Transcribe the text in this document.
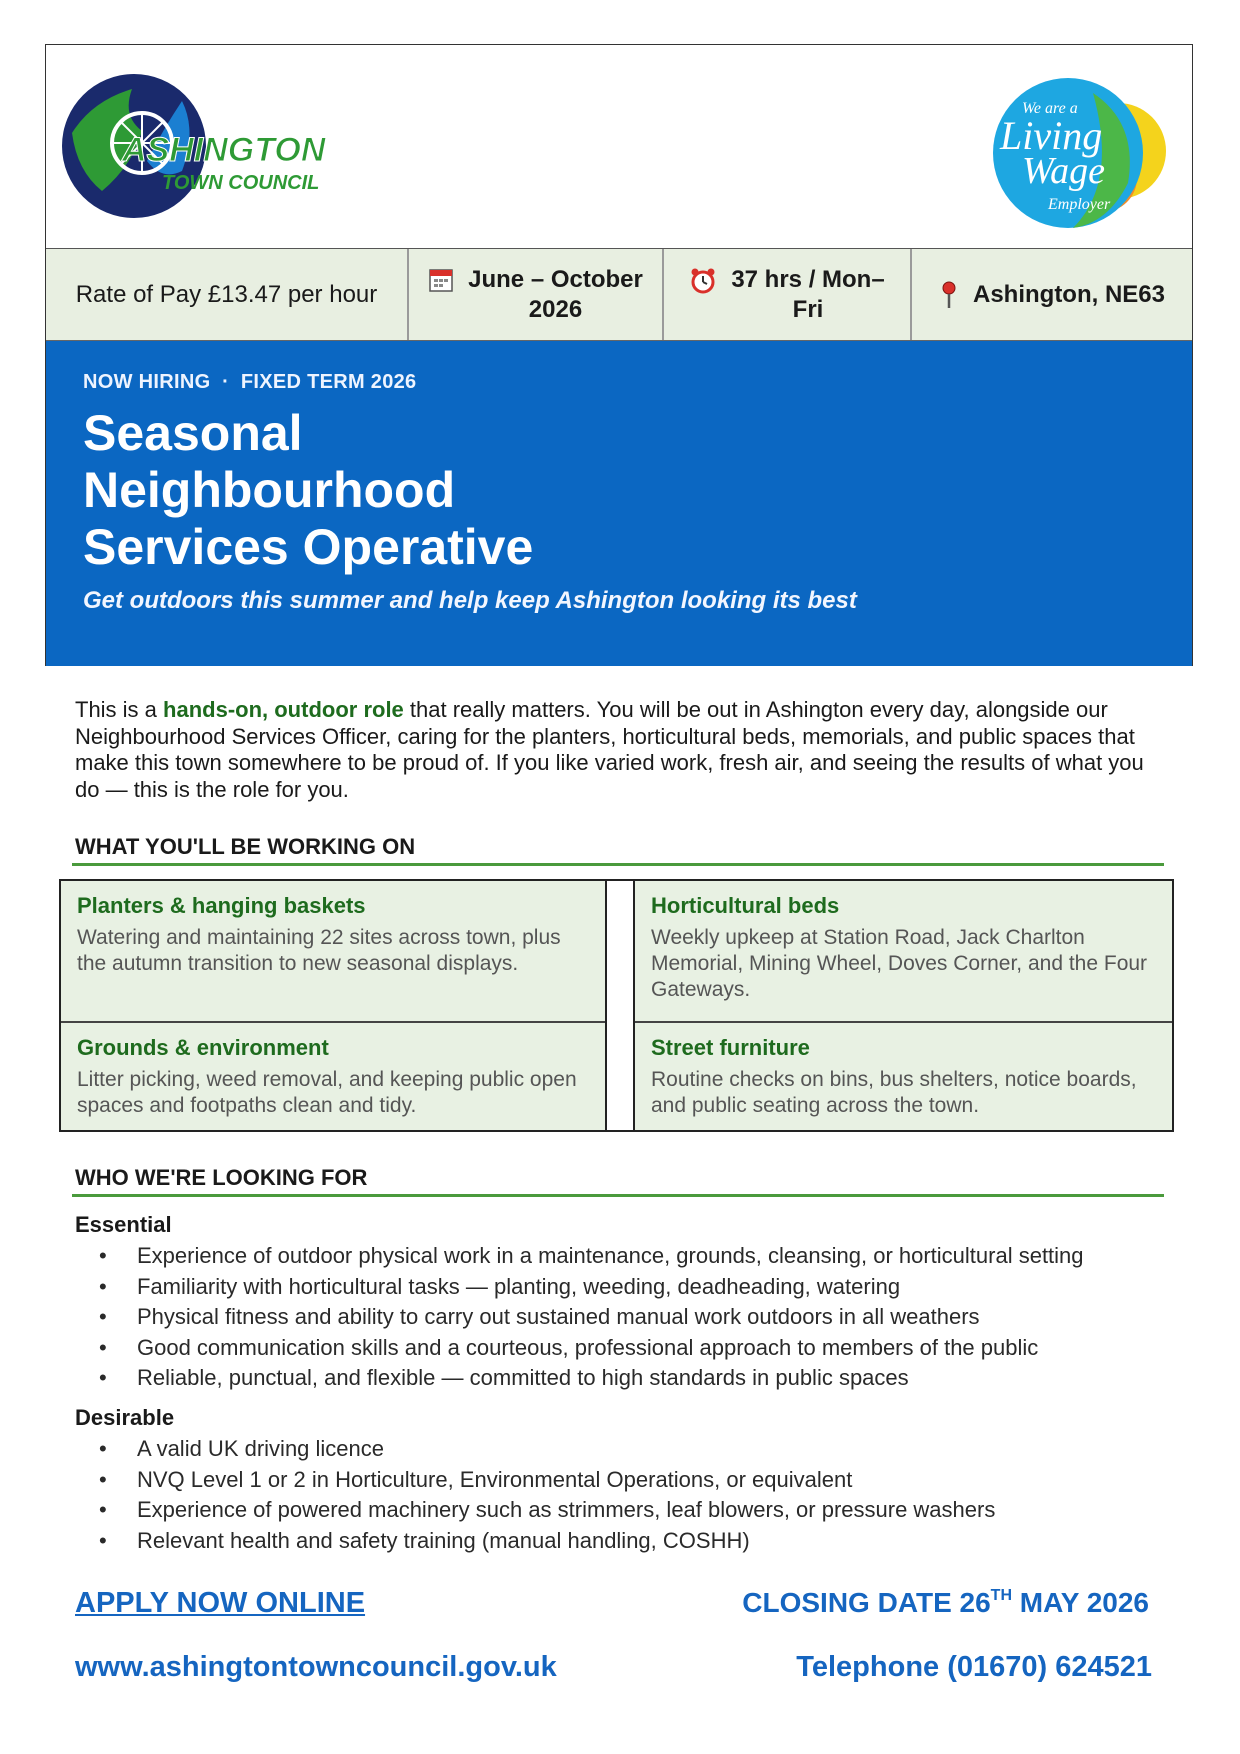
ASHINGTON
TOWN COUNCIL
We are a
Living
Wage
Employer
Rate of Pay £13.47 per hour
June – October
2026
37 hrs / Mon–
Fri
Ashington, NE63
NOW HIRING  ·  FIXED TERM 2026
Seasonal
Neighbourhood
Services Operative
Get outdoors this summer and help keep Ashington looking its best
This is a hands-on, outdoor role that really matters. You will be out in Ashington every day, alongside our Neighbourhood Services Officer, caring for the planters, horticultural beds, memorials, and public spaces that make this town somewhere to be proud of. If you like varied work, fresh air, and seeing the results of what you do — this is the role for you.
WHAT YOU'LL BE WORKING ON
Planters & hanging baskets

Watering and maintaining 22 sites across town, plus the autumn transition to new seasonal displays.

Horticultural beds

Weekly upkeep at Station Road, Jack Charlton Memorial, Mining Wheel, Doves Corner, and the Four Gateways.

Grounds & environment

Litter picking, weed removal, and keeping public open spaces and footpaths clean and tidy.

Street furniture

Routine checks on bins, bus shelters, notice boards, and public seating across the town.

WHO WE'RE LOOKING FOR
Essential
• Experience of outdoor physical work in a maintenance, grounds, cleansing, or horticultural setting
• Familiarity with horticultural tasks — planting, weeding, deadheading, watering
• Physical fitness and ability to carry out sustained manual work outdoors in all weathers
• Good communication skills and a courteous, professional approach to members of the public
• Reliable, punctual, and flexible — committed to high standards in public spaces
Desirable
• A valid UK driving licence
• NVQ Level 1 or 2 in Horticulture, Environmental Operations, or equivalent
• Experience of powered machinery such as strimmers, leaf blowers, or pressure washers
• Relevant health and safety training (manual handling, COSHH)
APPLY NOW ONLINE	CLOSING DATE 26TH MAY 2026
www.ashingtontowncouncil.gov.uk	Telephone (01670) 624521
